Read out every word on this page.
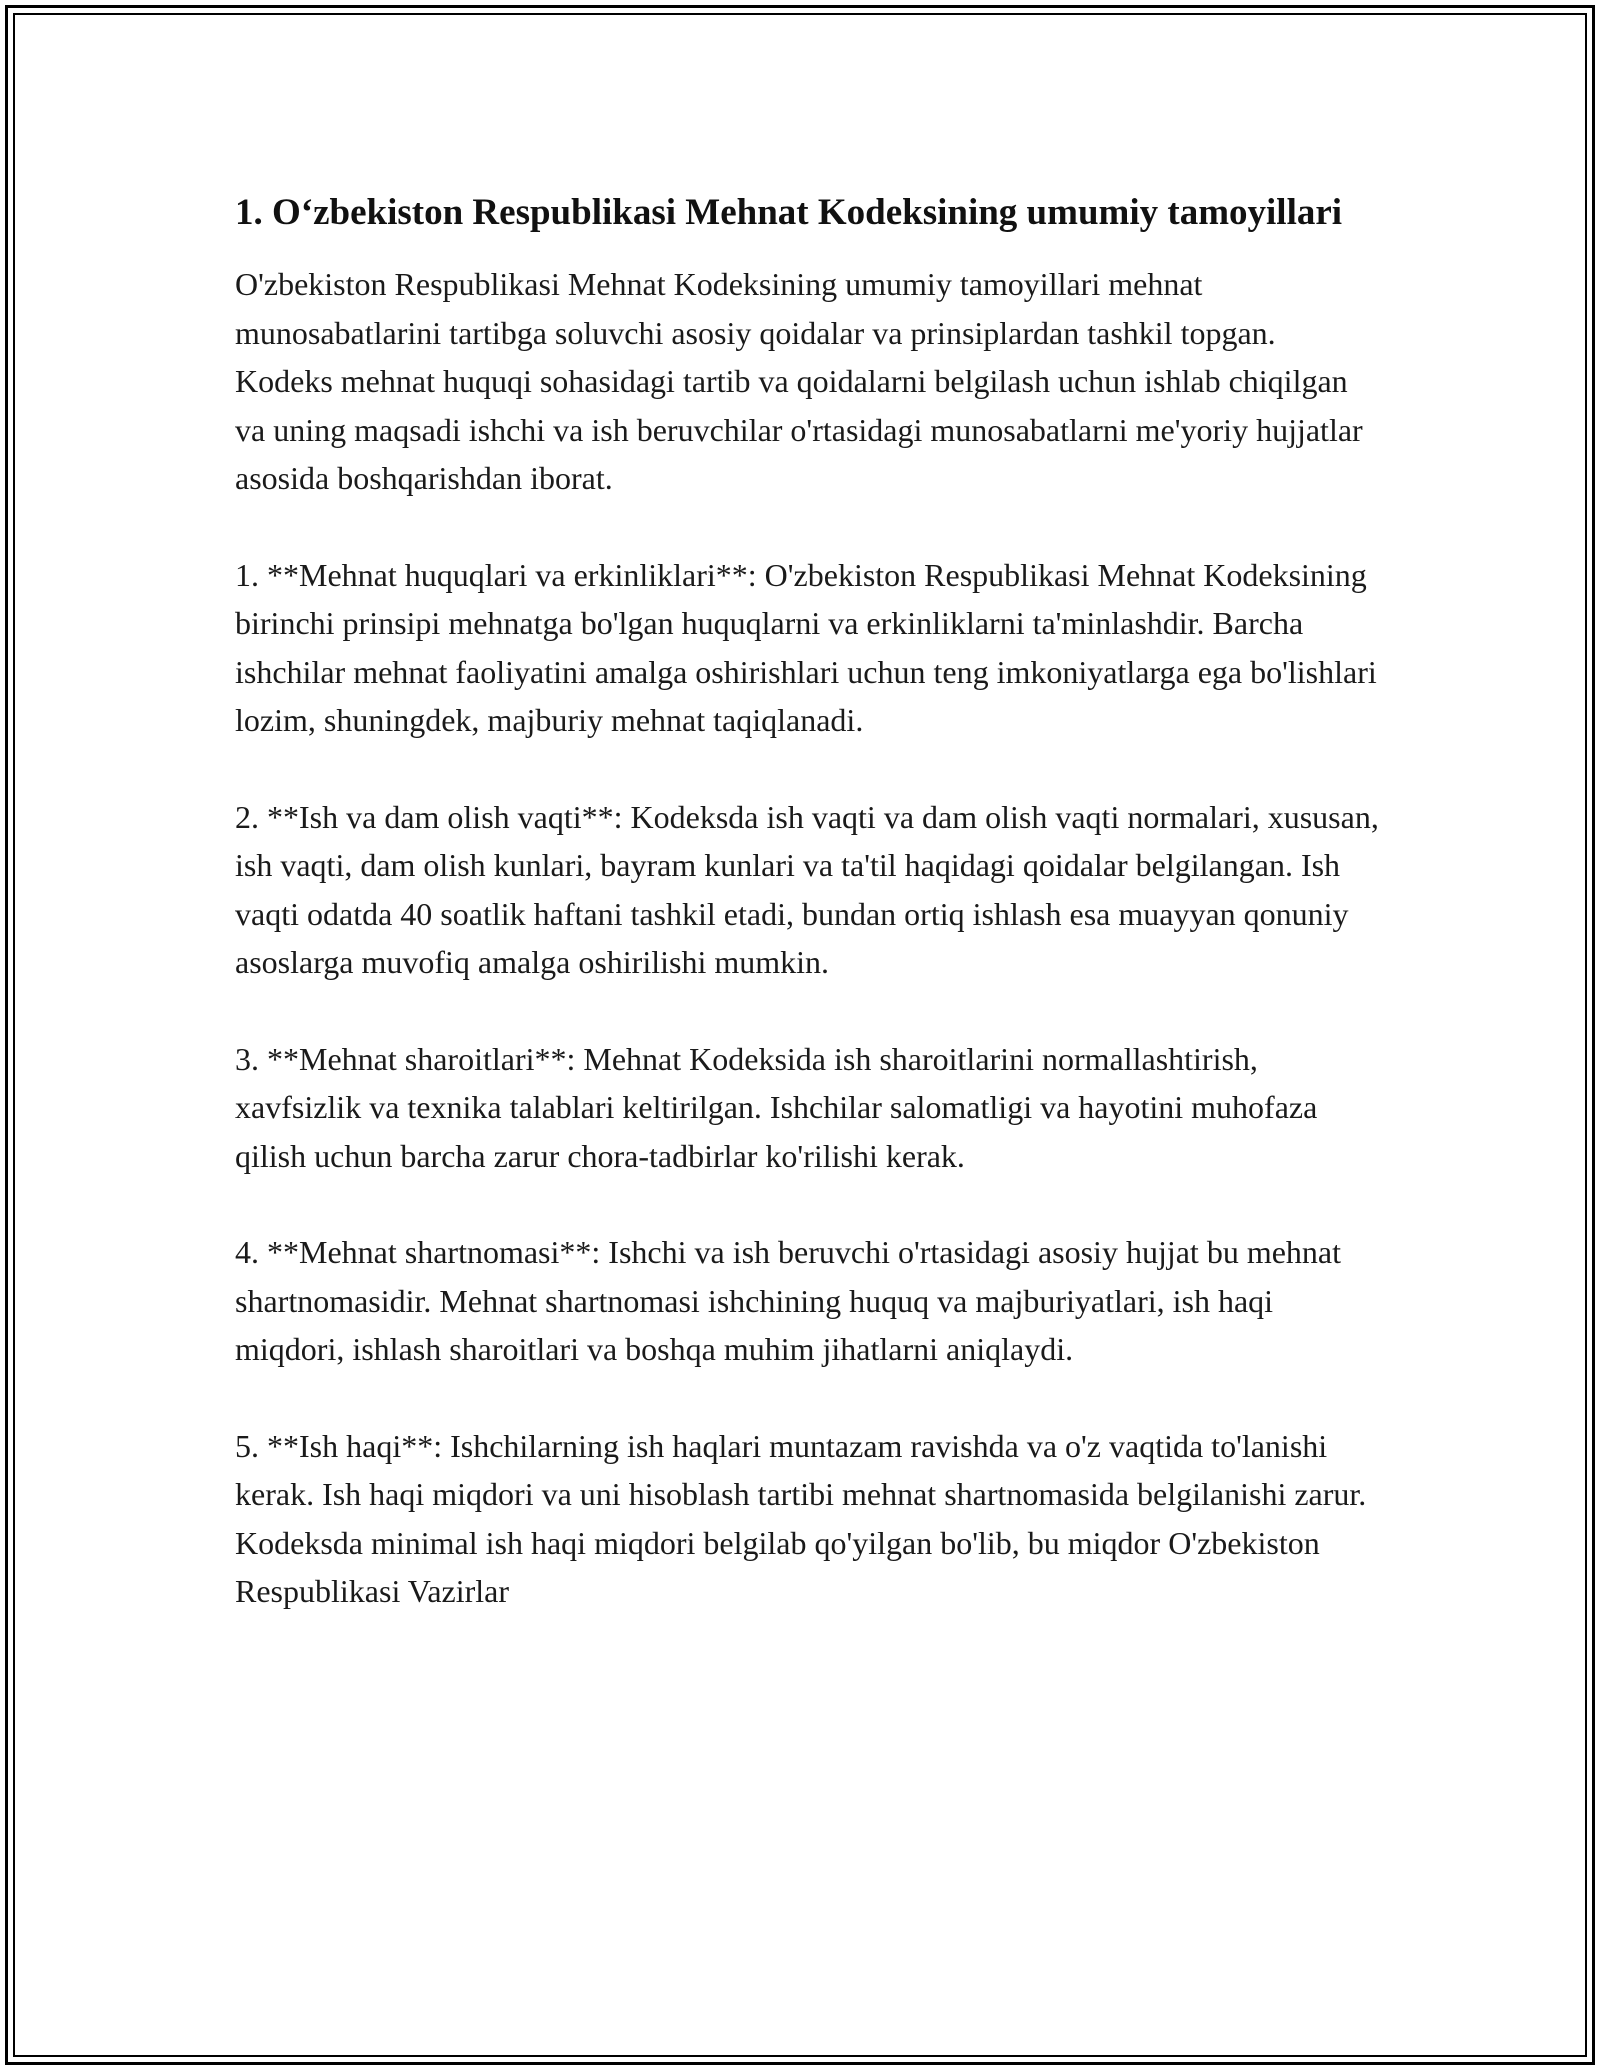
1. O‘zbekiston Respublikasi Mehnat Kodeksining umumiy tamoyillari

O'zbekiston Respublikasi Mehnat Kodeksining umumiy tamoyillari mehnat munosabatlarini tartibga soluvchi asosiy qoidalar va prinsiplardan tashkil topgan. Kodeks mehnat huquqi sohasidagi tartib va qoidalarni belgilash uchun ishlab chiqilgan va uning maqsadi ishchi va ish beruvchilar o'rtasidagi munosabatlarni me'yoriy hujjatlar asosida boshqarishdan iborat.

1. **Mehnat huquqlari va erkinliklari**: O'zbekiston Respublikasi Mehnat Kodeksining birinchi prinsipi mehnatga bo'lgan huquqlarni va erkinliklarni ta'minlashdir. Barcha ishchilar mehnat faoliyatini amalga oshirishlari uchun teng imkoniyatlarga ega bo'lishlari lozim, shuningdek, majburiy mehnat taqiqlanadi.

2. **Ish va dam olish vaqti**: Kodeksda ish vaqti va dam olish vaqti normalari, xususan, ish vaqti, dam olish kunlari, bayram kunlari va ta'til haqidagi qoidalar belgilangan. Ish vaqti odatda 40 soatlik haftani tashkil etadi, bundan ortiq ishlash esa muayyan qonuniy asoslarga muvofiq amalga oshirilishi mumkin.

3. **Mehnat sharoitlari**: Mehnat Kodeksida ish sharoitlarini normallashtirish, xavfsizlik va texnika talablari keltirilgan. Ishchilar salomatligi va hayotini muhofaza qilish uchun barcha zarur chora-tadbirlar ko'rilishi kerak.

4. **Mehnat shartnomasi**: Ishchi va ish beruvchi o'rtasidagi asosiy hujjat bu mehnat shartnomasidir. Mehnat shartnomasi ishchining huquq va majburiyatlari, ish haqi miqdori, ishlash sharoitlari va boshqa muhim jihatlarni aniqlaydi.

5. **Ish haqi**: Ishchilarning ish haqlari muntazam ravishda va o'z vaqtida to'lanishi kerak. Ish haqi miqdori va uni hisoblash tartibi mehnat shartnomasida belgilanishi zarur. Kodeksda minimal ish haqi miqdori belgilab qo'yilgan bo'lib, bu miqdor O'zbekiston Respublikasi Vazirlar
